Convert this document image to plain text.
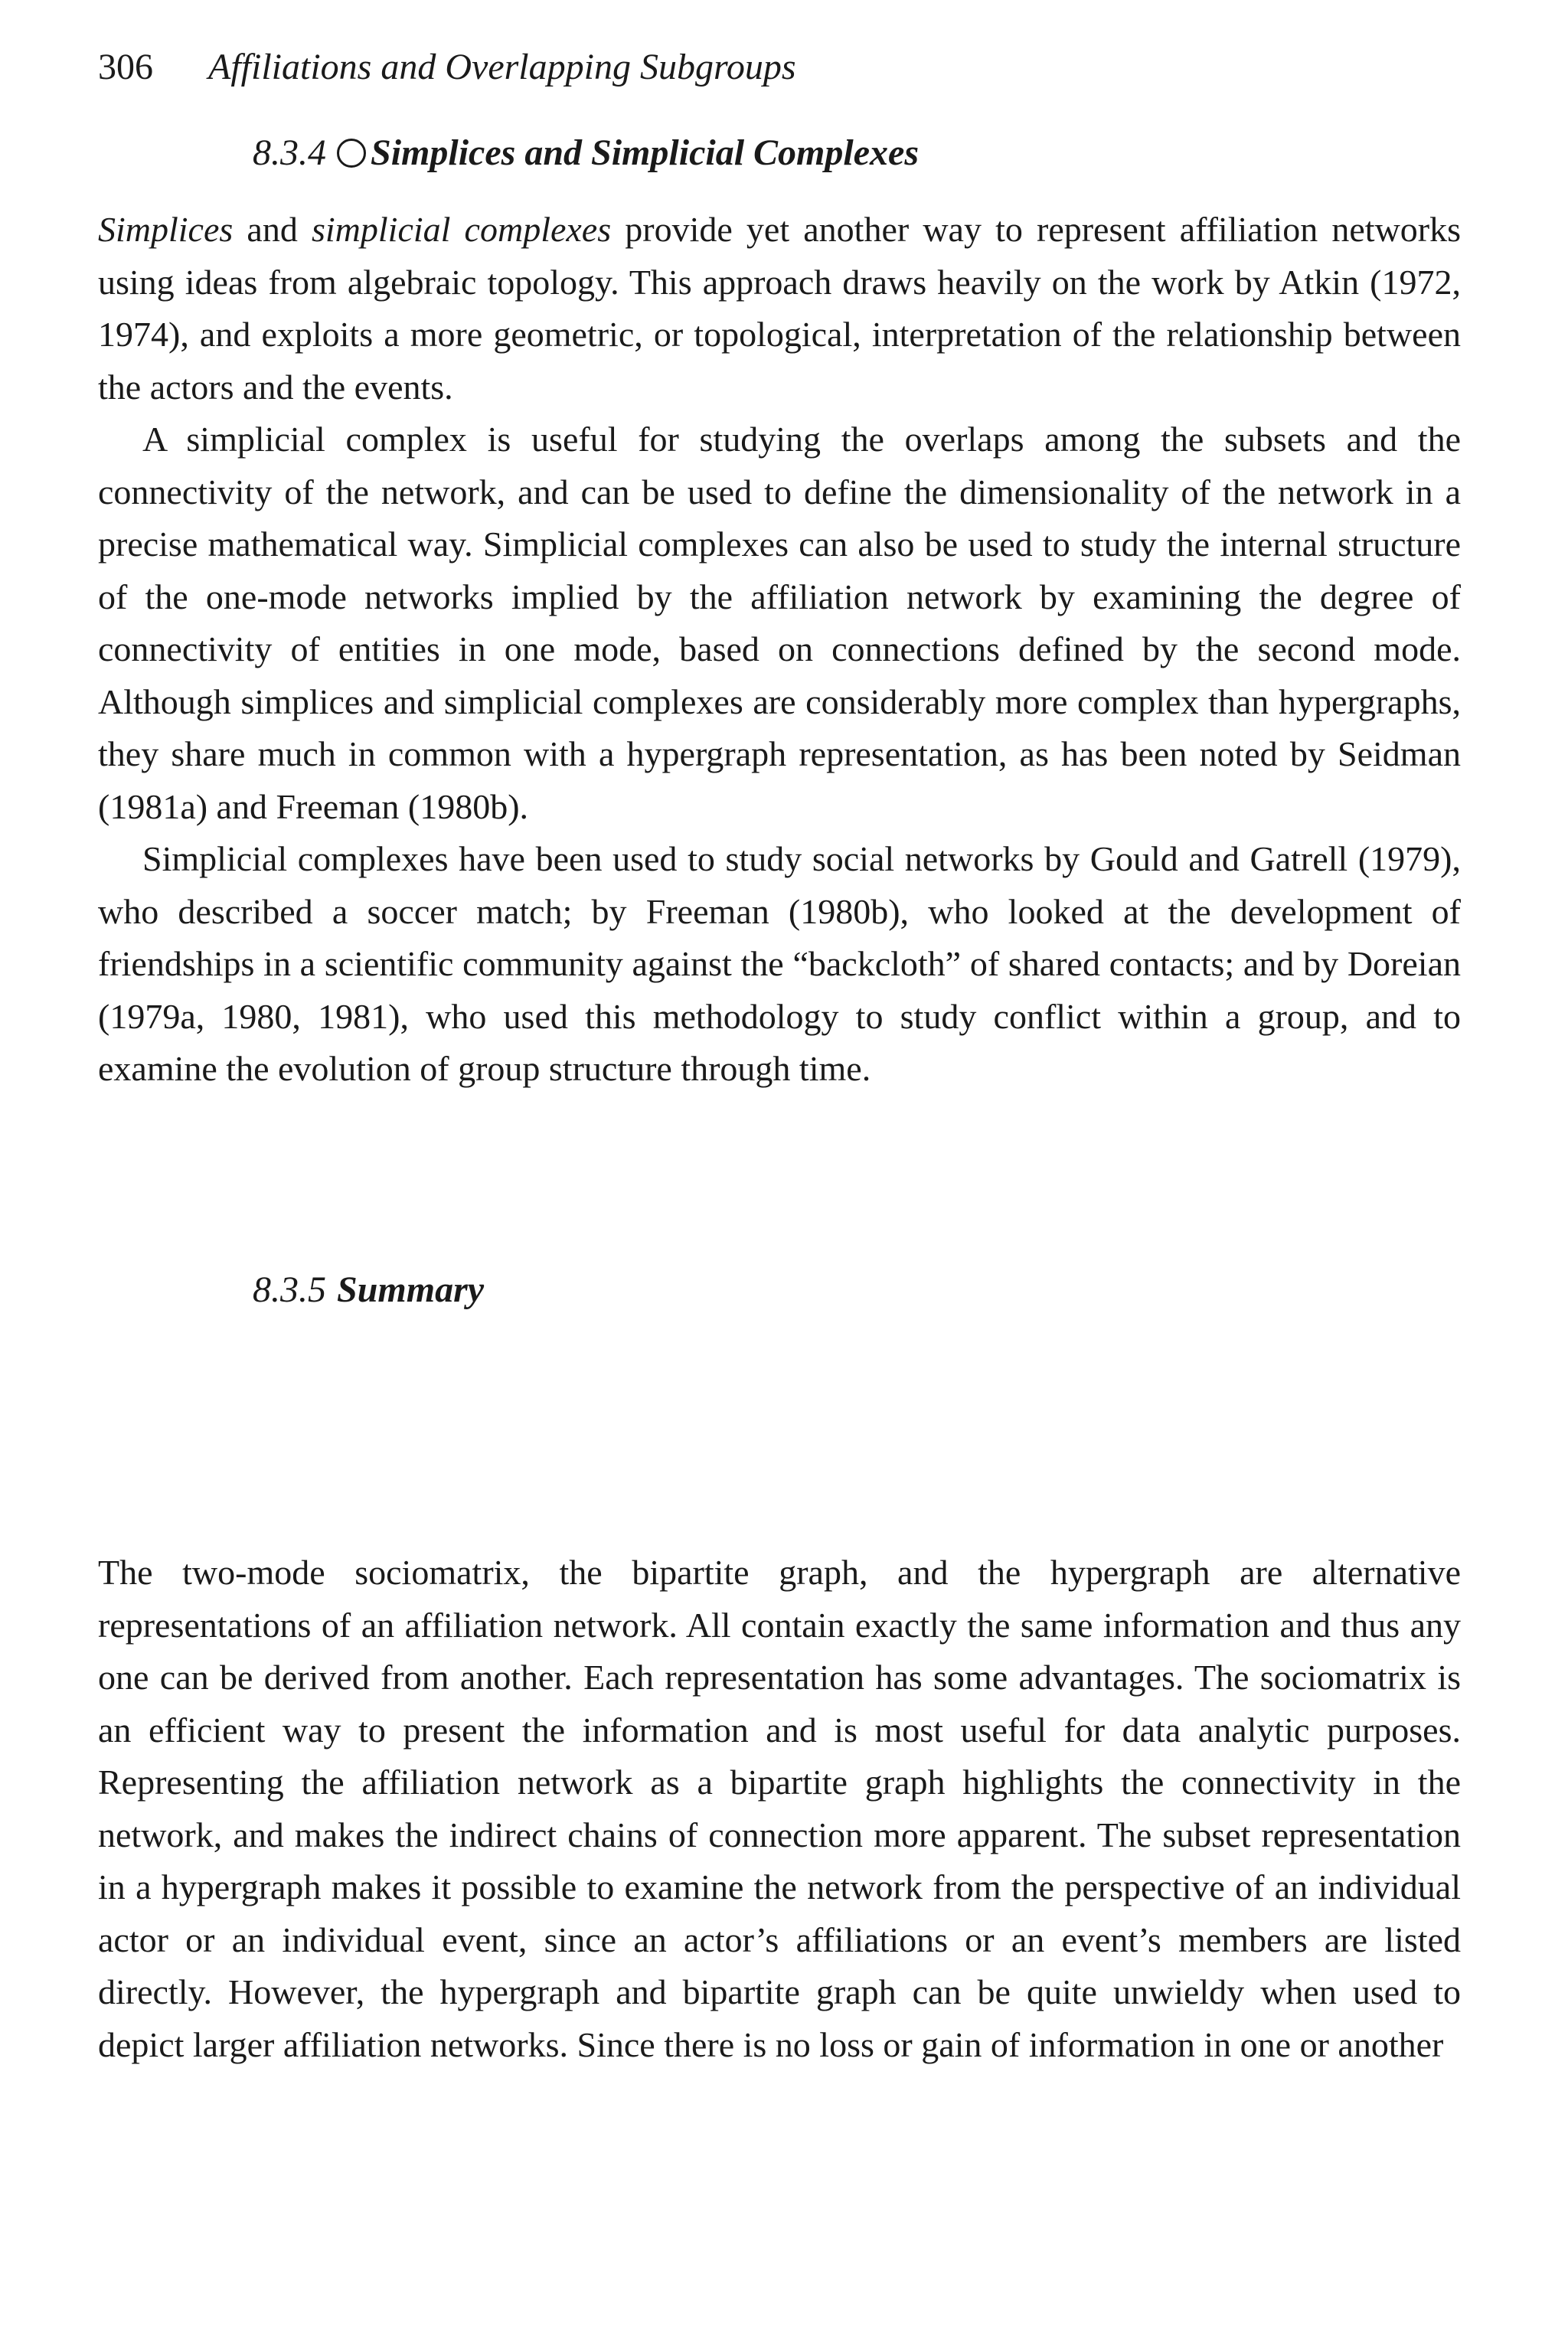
306 Affiliations and Overlapping Subgroups
8.3.4 Simplices and Simplicial Complexes

Simplices and simplicial complexes provide yet another way to represent affiliation networks using ideas from algebraic topology. This approach draws heavily on the work by Atkin (1972, 1974), and exploits a more geometric, or topological, interpretation of the relationship between the actors and the events.

A simplicial complex is useful for studying the overlaps among the subsets and the connectivity of the network, and can be used to define the dimensionality of the network in a precise mathematical way. Simplicial complexes can also be used to study the internal structure of the one-mode networks implied by the affiliation network by examining the degree of connectivity of entities in one mode, based on connections defined by the second mode. Although simplices and simplicial complexes are considerably more complex than hypergraphs, they share much in common with a hypergraph representation, as has been noted by Seidman (1981a) and Freeman (1980b).

Simplicial complexes have been used to study social networks by Gould and Gatrell (1979), who described a soccer match; by Freeman (1980b), who looked at the development of friendships in a scientific community against the “backcloth” of shared contacts; and by Doreian (1979a, 1980, 1981), who used this methodology to study conflict within a group, and to examine the evolution of group structure through time.

8.3.5 Summary

The two-mode sociomatrix, the bipartite graph, and the hypergraph are alternative representations of an affiliation network. All contain exactly the same information and thus any one can be derived from another. Each representation has some advantages. The sociomatrix is an efficient way to present the information and is most useful for data analytic purposes. Representing the affiliation network as a bipartite graph highlights the connectivity in the network, and makes the indirect chains of connection more apparent. The subset representation in a hypergraph makes it possible to examine the network from the perspective of an individual actor or an individual event, since an actor’s affiliations or an event’s members are listed directly. However, the hypergraph and bipartite graph can be quite unwieldy when used to depict larger affiliation networks. Since there is no loss or gain of information in one or another
